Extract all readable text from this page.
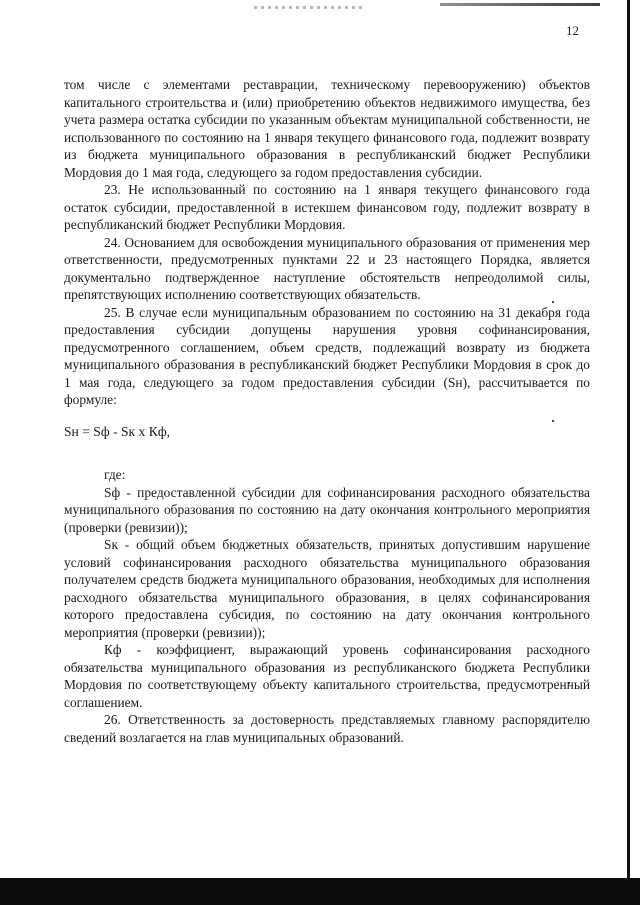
12

том числе с элементами реставрации, техническому перевооружению) объектов капитального строительства и (или) приобретению объектов недвижимого имущества, без учета размера остатка субсидии по указанным объектам муниципальной собственности, не использованного по состоянию на 1 января текущего финансового года, подлежит возврату из бюджета муниципального образования в республиканский бюджет Республики Мордовия до 1 мая года, следующего за годом предоставления субсидии.

23. Не использованный по состоянию на 1 января текущего финансового года остаток субсидии, предоставленной в истекшем финансовом году, подлежит возврату в республиканский бюджет Республики Мордовия.

24. Основанием для освобождения муниципального образования от применения мер ответственности, предусмотренных пунктами 22 и 23 настоящего Порядка, является документально подтвержденное наступление обстоятельств непреодолимой силы, препятствующих исполнению соответствующих обязательств.

25. В случае если муниципальным образованием по состоянию на 31 декабря года предоставления субсидии допущены нарушения уровня софинансирования, предусмотренного соглашением, объем средств, подлежащий возврату из бюджета муниципального образования в республиканский бюджет Республики Мордовия в срок до 1 мая года, следующего за годом предоставления субсидии (Sн), рассчитывается по формуле:

Sн = Sф - Sк х Кф,

где:

Sф - предоставленной субсидии для софинансирования расходного обязательства муниципального образования по состоянию на дату окончания контрольного мероприятия (проверки (ревизии));

Sк - общий объем бюджетных обязательств, принятых допустившим нарушение условий софинансирования расходного обязательства муниципального образования получателем средств бюджета муниципального образования, необходимых для исполнения расходного обязательства муниципального образования, в целях софинансирования которого предоставлена субсидия, по состоянию на дату окончания контрольного мероприятия (проверки (ревизии));

Кф - коэффициент, выражающий уровень софинансирования расходного обязательства муниципального образования из республиканского бюджета Республики Мордовия по соответствующему объекту капитального строительства, предусмотренный соглашением.

26. Ответственность за достоверность представляемых главному распорядителю сведений возлагается на глав муниципальных образований.
